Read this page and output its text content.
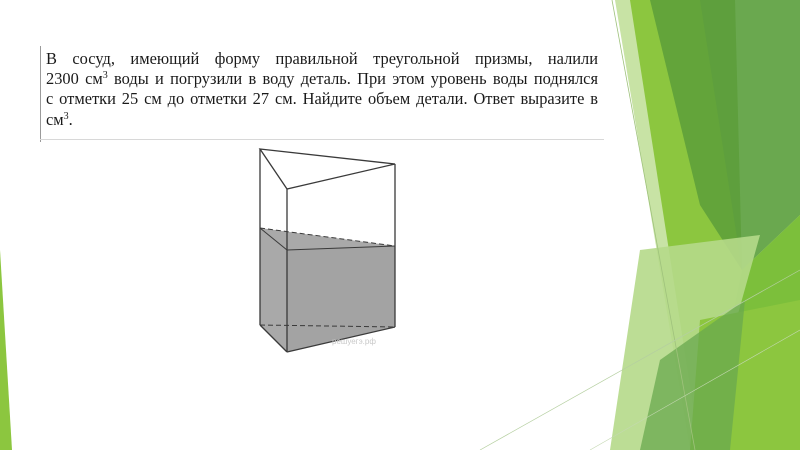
В сосуд, имеющий форму правильной треугольной призмы, налили
2300 $см^3$ воды и погрузили в воду деталь. При этом уровень воды поднялся
с отметки 25 см до отметки 27 см. Найдите объем детали. Ответ выразите в
$см^3$.
решуегэ.рф
